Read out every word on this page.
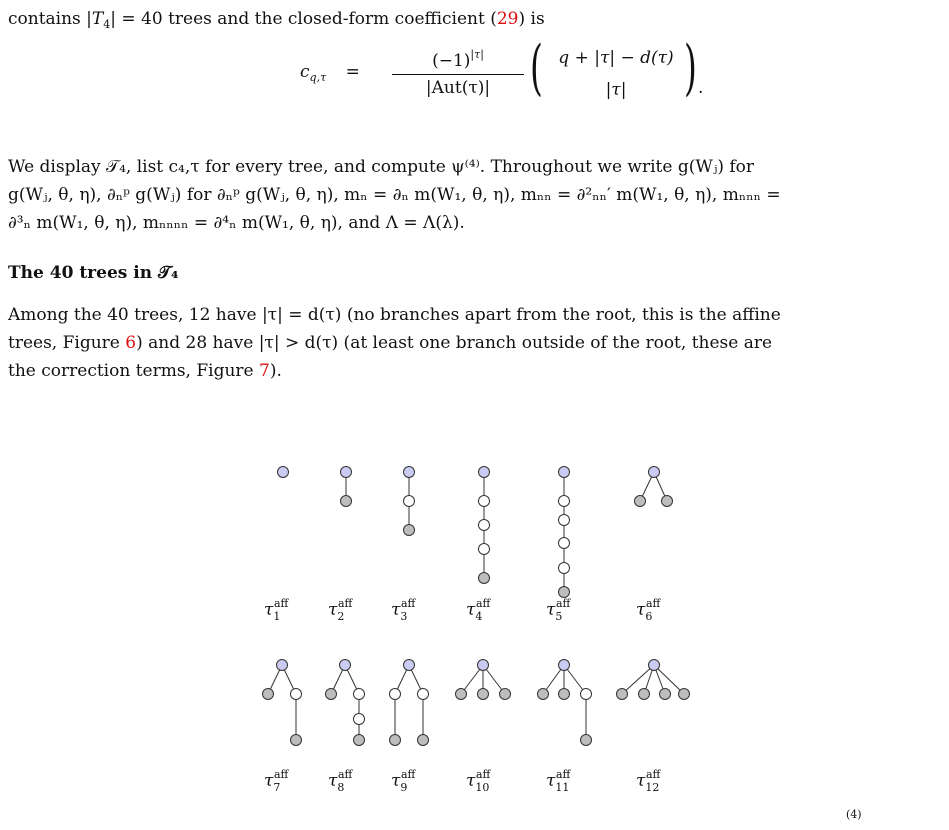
contains $|T_4| = 40$ trees and the closed-form coefficient (29) is
$c_{q,\tau}$ =
$(-1)^{|\tau|}$
|Aut(τ)| ( q + |τ| − d(τ)
|τ| ) .
We display 𝒯₄, list c₄,τ for every tree, and compute ψ⁽⁴⁾. Throughout we write g(Wⱼ) for
g(Wⱼ, θ, η), ∂ₙᵖ g(Wⱼ) for ∂ₙᵖ g(Wⱼ, θ, η), mₙ = ∂ₙ m(W₁, θ, η), mₙₙ = ∂²ₙₙ′ m(W₁, θ, η), mₙₙₙ =
∂³ₙ m(W₁, θ, η), mₙₙₙₙ = ∂⁴ₙ m(W₁, θ, η), and Λ = Λ(λ).
The 40 trees in 𝒯₄
Among the 40 trees, 12 have |τ| = d(τ) (no branches apart from the root, this is the affine
trees, Figure 6) and 28 have |τ| > d(τ) (at least one branch outside of the root, these are
the correction terms, Figure 7).
$\tau_1aff$ $\tau_2aff$ $\tau_3aff$	$\tau_4aff$	$\tau_5aff$	$\tau_6aff$
$\tau_7aff$ $\tau_8aff$ $\tau_9aff$	$\tau_{10}aff$	$\tau_{11}aff$	$\tau_{12}aff$
(4)
